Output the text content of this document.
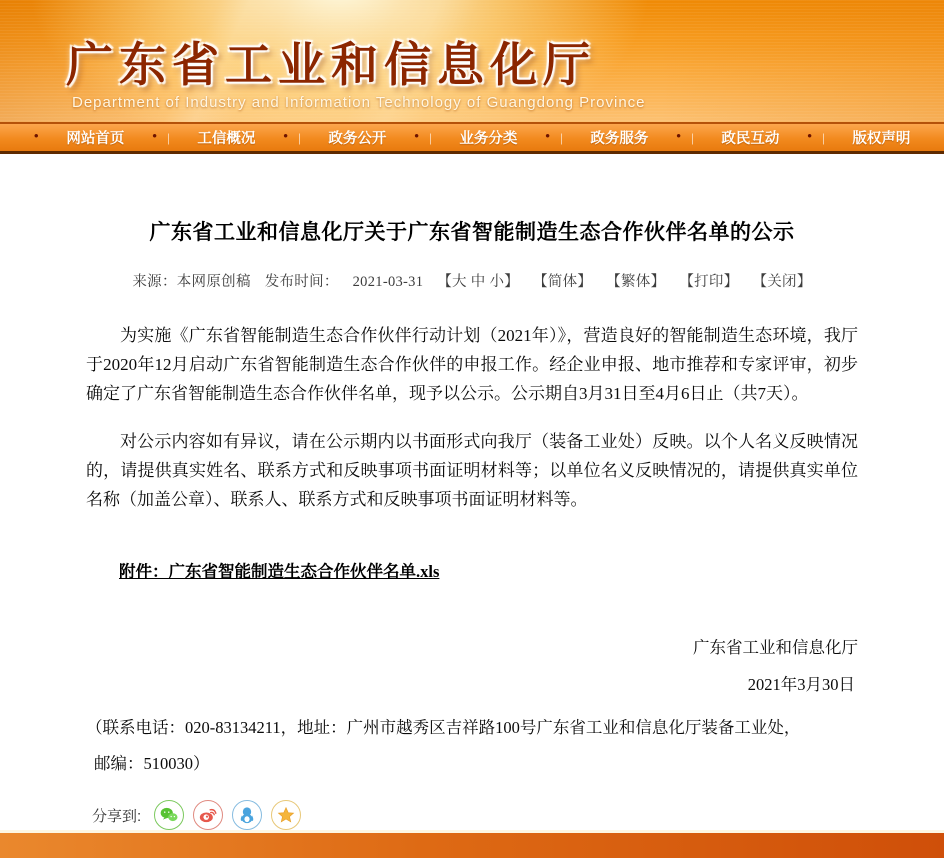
广东省工业和信息化厅
Department of Industry and Information Technology of Guangdong Province
• 网站首页 • | 工信概况 • | 政务公开 • | 业务分类 • | 政务服务 • | 政民互动 • | 版权声明
广东省工业和信息化厅关于广东省智能制造生态合作伙伴名单的公示
来源：本网原创稿 发布时间： 2021-03-31 【大 中 小】 【简体】 【繁体】 【打印】 【关闭】

为实施《广东省智能制造生态合作伙伴行动计划（2021年）》，营造良好的智能制造生态环境，我厅于2020年12月启动广东省智能制造生态合作伙伴的申报工作。经企业申报、地市推荐和专家评审，初步确定了广东省智能制造生态合作伙伴名单，现予以公示。公示期自3月31日至4月6日止（共7天）。

对公示内容如有异议，请在公示期内以书面形式向我厅（装备工业处）反映。以个人名义反映情况的，请提供真实姓名、联系方式和反映事项书面证明材料等；以单位名义反映情况的，请提供真实单位名称（加盖公章）、联系人、联系方式和反映事项书面证明材料等。

附件：广东省智能制造生态合作伙伴名单.xls
广东省工业和信息化厅
2021年3月30日

（联系电话：020-83134211，地址：广州市越秀区吉祥路100号广东省工业和信息化厅装备工业处，
邮编：510030）

分享到:
